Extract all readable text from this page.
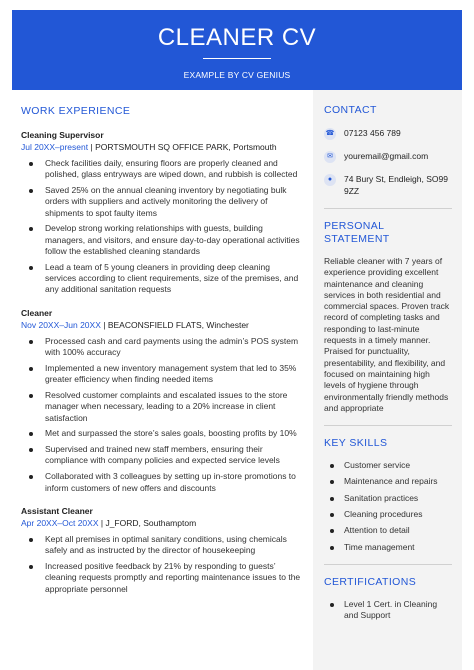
CLEANER CV
EXAMPLE BY CV GENIUS
WORK EXPERIENCE
Cleaning Supervisor
Jul 20XX–present | PORTSMOUTH SQ OFFICE PARK, Portsmouth
Check facilities daily, ensuring floors are properly cleaned and polished, glass entryways are wiped down, and rubbish is collected
Saved 25% on the annual cleaning inventory by negotiating bulk orders with suppliers and actively monitoring the delivery of shipments to spot faulty items
Develop strong working relationships with guests, building managers, and visitors, and ensure day-to-day operational activities follow the established cleaning standards
Lead a team of 5 young cleaners in providing deep cleaning services according to client requirements, size of the premises, and any additional sanitation requests
Cleaner
Nov 20XX–Jun 20XX | BEACONSFIELD FLATS, Winchester
Processed cash and card payments using the admin’s POS system with 100% accuracy
Implemented a new inventory management system that led to 35% greater efficiency when finding needed items
Resolved customer complaints and escalated issues to the store manager when necessary, leading to a 20% increase in client satisfaction
Met and surpassed the store’s sales goals, boosting profits by 10%
Supervised and trained new staff members, ensuring their compliance with company policies and expected service levels
Collaborated with 3 colleagues by setting up in-store promotions to inform customers of new offers and discounts
Assistant Cleaner
Apr 20XX–Oct 20XX | J_FORD, Southamptom
Kept all premises in optimal sanitary conditions, using chemicals safely and as instructed by the director of housekeeping
Increased positive feedback by 21% by responding to guests’ cleaning requests promptly and reporting maintenance issues to the appropriate personnel
CONTACT
☎ 07123 456 789
✉	youremail@gmail.com
●	74 Bury St, Endleigh, SO99 9ZZ
PERSONAL STATEMENT
Reliable cleaner with 7 years of experience providing excellent maintenance and cleaning services in both residential and commercial spaces. Proven track record of completing tasks and responding to last-minute requests in a timely manner. Praised for punctuality, presentability, and flexibility, and focused on maintaining high levels of hygiene through environmentally friendly methods and appropriate
KEY SKILLS
Customer service
Maintenance and repairs
Sanitation practices
Cleaning procedures
Attention to detail
Time management
CERTIFICATIONS
Level 1 Cert. in Cleaning and Support
